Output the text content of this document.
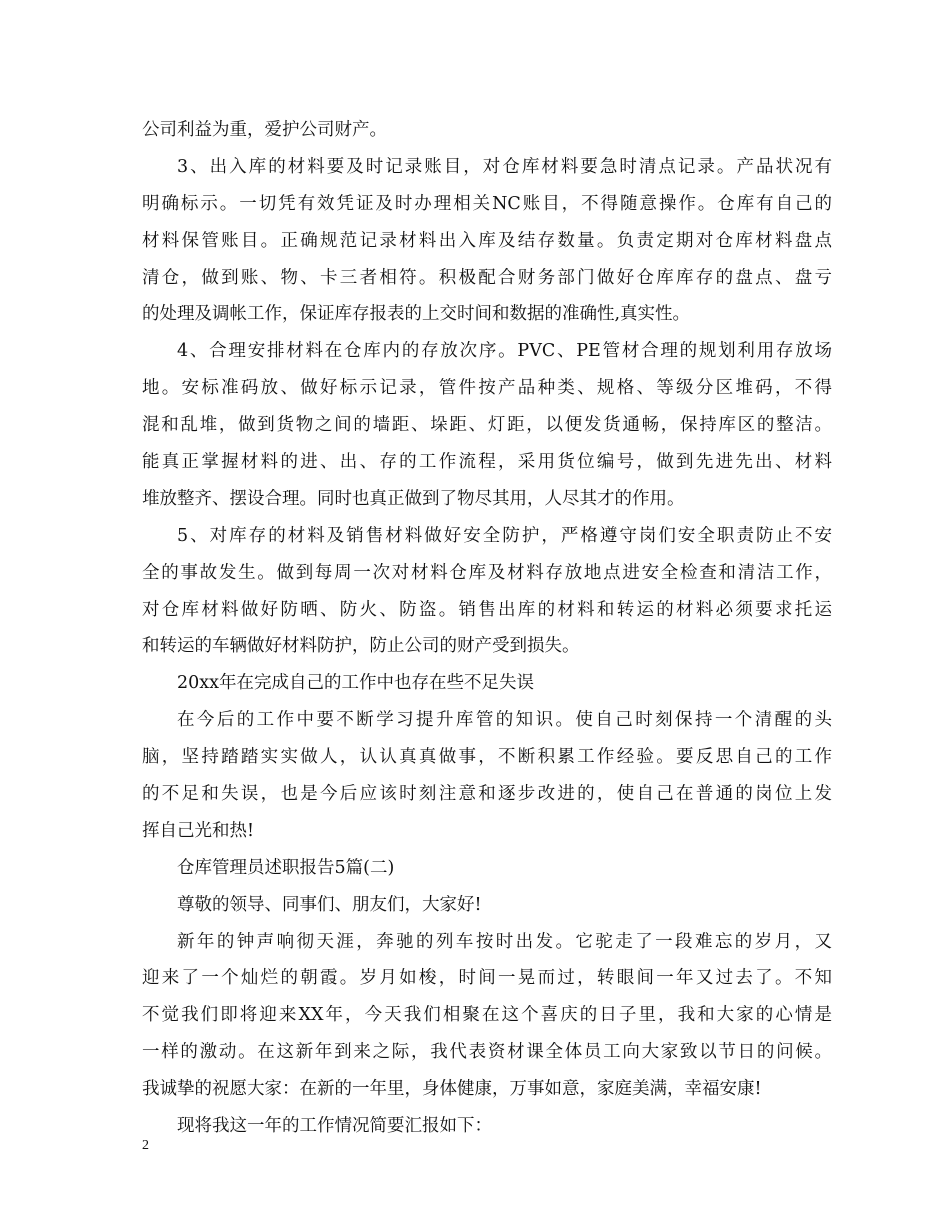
公司利益为重，爱护公司财产。
3、出入库的材料要及时记录账目，对仓库材料要急时清点记录。产品状况有
明确标示。一切凭有效凭证及时办理相关NC账目，不得随意操作。仓库有自己的
材料保管账目。正确规范记录材料出入库及结存数量。负责定期对仓库材料盘点
清仓，做到账、物、卡三者相符。积极配合财务部门做好仓库库存的盘点、盘亏
的处理及调帐工作，保证库存报表的上交时间和数据的准确性,真实性。
4、合理安排材料在仓库内的存放次序。PVC、PE管材合理的规划利用存放场
地。安标准码放、做好标示记录，管件按产品种类、规格、等级分区堆码，不得
混和乱堆，做到货物之间的墙距、垛距、灯距，以便发货通畅，保持库区的整洁。
能真正掌握材料的进、出、存的工作流程，采用货位编号，做到先进先出、材料
堆放整齐、摆设合理。同时也真正做到了物尽其用，人尽其才的作用。
5、对库存的材料及销售材料做好安全防护，严格遵守岗们安全职责防止不安
全的事故发生。做到每周一次对材料仓库及材料存放地点进安全检查和清洁工作，
对仓库材料做好防晒、防火、防盗。销售出库的材料和转运的材料必须要求托运
和转运的车辆做好材料防护，防止公司的财产受到损失。
20xx年在完成自己的工作中也存在些不足失误
在今后的工作中要不断学习提升库管的知识。使自己时刻保持一个清醒的头
脑，坚持踏踏实实做人，认认真真做事，不断积累工作经验。要反思自己的工作
的不足和失误，也是今后应该时刻注意和逐步改进的，使自己在普通的岗位上发
挥自己光和热!
仓库管理员述职报告5篇(二)
尊敬的领导、同事们、朋友们，大家好!
新年的钟声响彻天涯，奔驰的列车按时出发。它驼走了一段难忘的岁月，又
迎来了一个灿烂的朝霞。岁月如梭，时间一晃而过，转眼间一年又过去了。不知
不觉我们即将迎来XX年，今天我们相聚在这个喜庆的日子里，我和大家的心情是
一样的激动。在这新年到来之际，我代表资材课全体员工向大家致以节日的问候。
我诚挚的祝愿大家：在新的一年里，身体健康，万事如意，家庭美满，幸福安康!
现将我这一年的工作情况简要汇报如下：
2
